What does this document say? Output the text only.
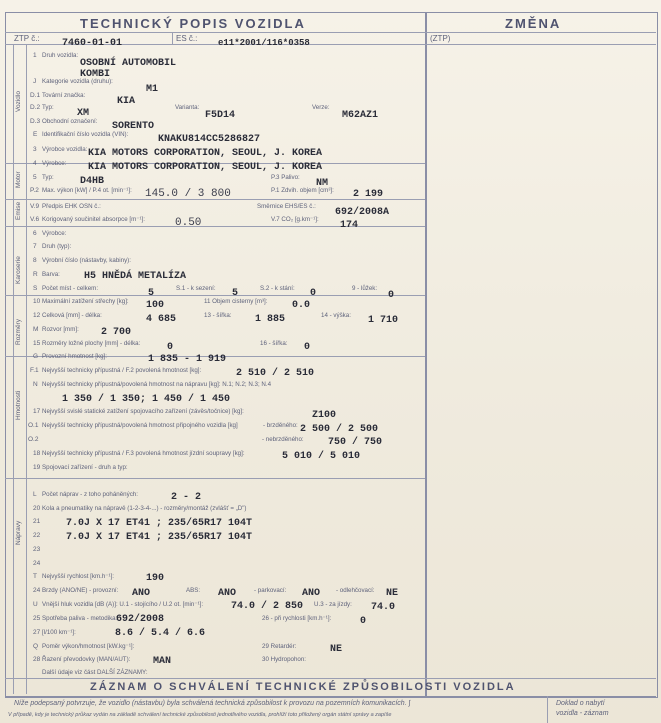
TECHNICKÝ POPIS VOZIDLA	ZMĚNA
ZTP č.: 7460-01-01	ES č.: e11*2001/116*0358	(ZTP)
Vozidlo
Motor
Emise
Karoserie
Rozměry
Hmotnosti
Nápravy
1 Druh vozidla:
OSOBNÍ AUTOMOBIL
KOMBI
J Kategorie vozidla (druhu):
M1
D.1 Tovární značka:
KIA
D.2 Typ:
XM
Varianta:
F5D14
Verze:
M62AZ1
D.3 Obchodní označení: SORENTO
E Identifikační číslo vozidla (VIN):	KNAKU814CC5286827
3 Výrobce vozidla: KIA MOTORS CORPORATION, SEOUL, J. KOREA
4 Výrobce: KIA MOTORS CORPORATION, SEOUL, J. KOREA
5 Typ:	D4HB	P.3 Palivo:
NM
P.2 Max. výkon [kW] / P.4 ot. [min⁻¹]: 145.0 / 3 800	P.1 Zdvih. objem [cm³]: 2 199
V.9 Předpis EHK OSN č.:	Směrnice EHS/ES č.:
692/2008A
V.6 Korigovaný součinitel absorpce [m⁻¹]:	0.50	V.7 CO₂ [g.km⁻¹]:
174
6 Výrobce:
7 Druh (typ):
8 Výrobní číslo (nástavby, kabiny):
R Barva: H5 HNĚDÁ METALÍZA
S Počet míst - celkem:	5	S.1 - k sezení: 5	S.2 - k stání: 0	9 - lůžek:
0
10 Maximální zatížení střechy [kg]: 100	11 Objem cisterny [m³]: 0.0
12 Celková [mm] - délka:	4 685	13 - šířka: 1 885	14 - výška: 1 710
M Rozvor [mm]: 2 700
15 Rozměry ložné plochy [mm] - délka:	0	16 - šířka: 0
G Provozní hmotnost [kg]:	1 835 - 1 919
F.1 Nejvyšší technicky přípustná / F.2 povolená hmotnost [kg]:	2 510 / 2 510
N Nejvyšší technicky přípustná/povolená hmotnost na nápravu [kg]: N.1; N.2; N.3; N.4
1 350 / 1 350; 1 450 / 1 450
17 Nejvyšší svislé statické zatížení spojovacího zařízení (závěs/točnice) [kg]:	Z100
O.1 Nejvyšší technicky přípustná/povolená hmotnost připojného vozidla [kg]	- brzděného: 2 500 / 2 500
O.2	- nebrzděného: 750 / 750
18 Nejvyšší technicky přípustná / F.3 povolená hmotnost jízdní soupravy [kg]:	5 010 / 5 010
19 Spojovací zařízení - druh a typ:
L Počet náprav - z toho poháněných:	2 - 2
20 Kola a pneumatiky na nápravě (1-2-3-4-...) - rozměry/montáž (zvlášť = „D")
21	7.0J X 17 ET41 ; 235/65R17 104T
22	7.0J X 17 ET41 ; 235/65R17 104T
23
24
T Nejvyšší rychlost [km.h⁻¹]:	190
24 Brzdy (ANO/NE) - provozní: ANO	ABS: ANO	- parkovací: ANO	- odlehčovací: NE
U Vnější hluk vozidla [dB (A)]: U.1 - stojícího / U.2 ot. [min⁻¹]:	74.0 / 2 850 U.3 - za jízdy: 74.0
25 Spotřeba paliva - metodika:
692/2008	26 - při rychlosti [km.h⁻¹]:	0
27 [l/100 km⁻¹]:	8.6 / 5.4 / 6.6
Q Poměr výkon/hmotnost [kW.kg⁻¹]:	29 Retardér:	NE
28 Řazení převodovky (MAN/AUT): MAN	30 Hydropohon:
Další údaje viz část DALŠÍ ZÁZNAMY:
ZÁZNAM O SCHVÁLENÍ TECHNICKÉ ZPŮSOBILOSTI VOZIDLA
Níže podepsaný potvrzuje, že vozidlo (nástavbu) byla schválená technická způsobilost k provozu na pozemních komunikacích. ∫
V případě, kdy je technický průkaz vydán na základě schválení technické způsobilosti jednotlivého vozidla, prohlíží toto přiložený orgán státní správy a zapíše
Doklad o nabytí
vozidla - záznam
